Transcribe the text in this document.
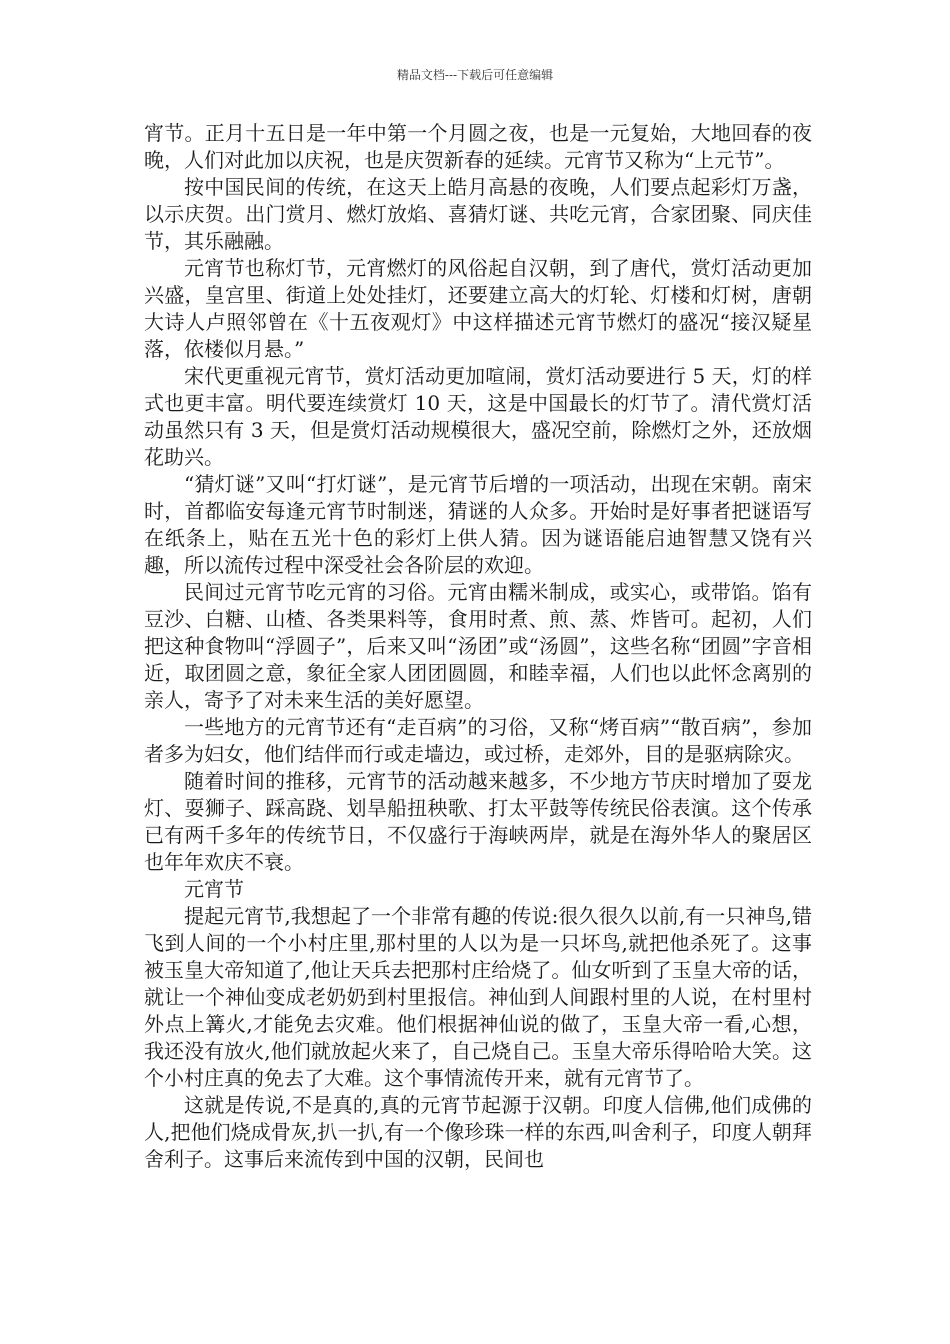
精品文档---下载后可任意编辑

宵节。正月十五日是一年中第一个月圆之夜，也是一元复始，大地回春的夜晚，人们对此加以庆祝，也是庆贺新春的延续。元宵节又称为“上元节”。

按中国民间的传统，在这天上皓月高悬的夜晚，人们要点起彩灯万盏，以示庆贺。出门赏月、燃灯放焰、喜猜灯谜、共吃元宵，合家团聚、同庆佳节，其乐融融。

元宵节也称灯节，元宵燃灯的风俗起自汉朝，到了唐代，赏灯活动更加兴盛，皇宫里、街道上处处挂灯，还要建立高大的灯轮、灯楼和灯树，唐朝大诗人卢照邻曾在《十五夜观灯》中这样描述元宵节燃灯的盛况“接汉疑星落，依楼似月悬。”

宋代更重视元宵节，赏灯活动更加喧闹，赏灯活动要进行 5 天，灯的样式也更丰富。明代要连续赏灯 10 天，这是中国最长的灯节了。清代赏灯活动虽然只有 3 天，但是赏灯活动规模很大，盛况空前，除燃灯之外，还放烟花助兴。

“猜灯谜”又叫“打灯谜”，是元宵节后增的一项活动，出现在宋朝。南宋时，首都临安每逢元宵节时制迷，猜谜的人众多。开始时是好事者把谜语写在纸条上，贴在五光十色的彩灯上供人猜。因为谜语能启迪智慧又饶有兴趣，所以流传过程中深受社会各阶层的欢迎。

民间过元宵节吃元宵的习俗。元宵由糯米制成，或实心，或带馅。馅有豆沙、白糖、山楂、各类果料等，食用时煮、煎、蒸、炸皆可。起初，人们把这种食物叫“浮圆子”，后来又叫“汤团”或“汤圆”，这些名称“团圆”字音相近，取团圆之意，象征全家人团团圆圆，和睦幸福，人们也以此怀念离别的亲人，寄予了对未来生活的美好愿望。

一些地方的元宵节还有“走百病”的习俗，又称“烤百病”“散百病”，参加者多为妇女，他们结伴而行或走墙边，或过桥，走郊外，目的是驱病除灾。

随着时间的推移，元宵节的活动越来越多，不少地方节庆时增加了耍龙灯、耍狮子、踩高跷、划旱船扭秧歌、打太平鼓等传统民俗表演。这个传承已有两千多年的传统节日，不仅盛行于海峡两岸，就是在海外华人的聚居区也年年欢庆不衰。

元宵节

提起元宵节,我想起了一个非常有趣的传说:很久很久以前,有一只神鸟,错飞到人间的一个小村庄里,那村里的人以为是一只坏鸟,就把他杀死了。这事被玉皇大帝知道了,他让天兵去把那村庄给烧了。仙女听到了玉皇大帝的话，就让一个神仙变成老奶奶到村里报信。神仙到人间跟村里的人说，在村里村外点上篝火,才能免去灾难。他们根据神仙说的做了，玉皇大帝一看,心想，我还没有放火,他们就放起火来了，自己烧自己。玉皇大帝乐得哈哈大笑。这个小村庄真的免去了大难。这个事情流传开来，就有元宵节了。

这就是传说,不是真的,真的元宵节起源于汉朝。印度人信佛,他们成佛的人,把他们烧成骨灰,扒一扒,有一个像珍珠一样的东西,叫舍利子，印度人朝拜舍利子。这事后来流传到中国的汉朝，民间也
